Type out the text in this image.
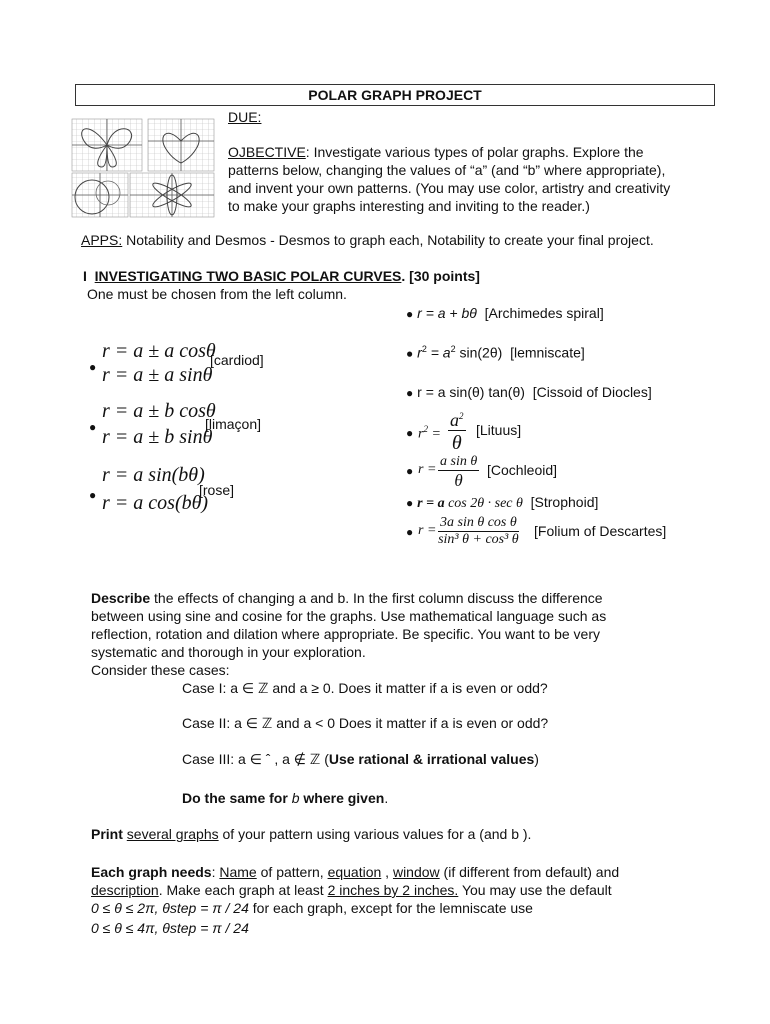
POLAR GRAPH PROJECT
DUE:
OJBECTIVE: Investigate various types of polar graphs. Explore the
patterns below, changing the values of “a” (and “b” where appropriate),
and invent your own patterns. (You may use color, artistry and creativity
to make your graphs interesting and inviting to the reader.)
APPS: Notability and Desmos - Desmos to graph each, Notability to create your final project.
I INVESTIGATING TWO BASIC POLAR CURVES. [30 points]
One must be chosen from the left column.
●
r = a ± a cosθ
r = a ± a sinθ
[cardiod]
●
r = a ± b cosθ
r = a ± b sinθ
[limaçon]
●
r = a sin(bθ)
r = a cos(bθ)
[rose]
● r = a + bθ [Archimedes spiral]
● $r^2 = a^2$ sin(2θ) [lemniscate]
● r = a sin(θ) tan(θ) [Cissoid of Diocles]
● $r^2 = \frac{a^2}{\theta}$ [Lituus]
● r =
a sin θ
θ
[Cochleoid]
● r = a cos 2θ · sec θ [Strophoid]
● $r = \frac{\text{3a sin θ cos θ}}{\text{sin³ θ + cos³ θ}}$ [Folium of Descartes]
Describe the effects of changing a and b. In the first column discuss the difference
between using sine and cosine for the graphs. Use mathematical language such as
reflection, rotation and dilation where appropriate. Be specific. You want to be very
systematic and thorough in your exploration.
Consider these cases:
Case I: a ∈ ℤ and a ≥ 0. Does it matter if a is even or odd?
Case II: a ∈ ℤ and a < 0 Does it matter if a is even or odd?
Case III: a ∈ ˆ , a ∉ ℤ (Use rational & irrational values)
Do the same for b where given.
Print several graphs of your pattern using various values for a (and b ).
Each graph needs: Name of pattern, equation , window (if different from default) and
description. Make each graph at least 2 inches by 2 inches. You may use the default
0 ≤ θ ≤ 2π, θstep = π / 24 for each graph, except for the lemniscate use
0 ≤ θ ≤ 4π, θstep = π / 24
